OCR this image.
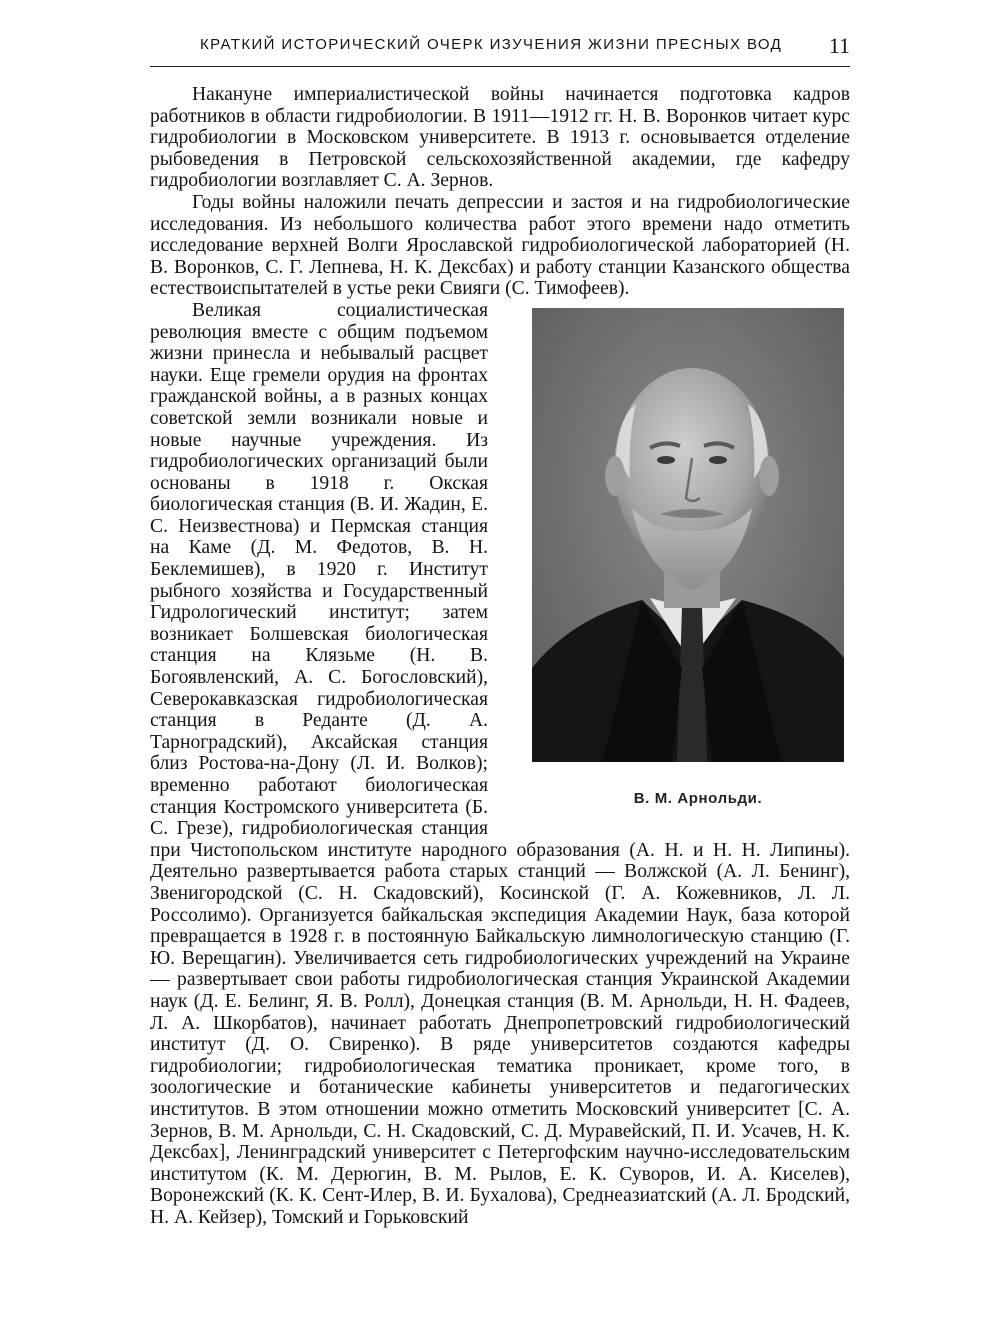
КРАТКИЙ ИСТОРИЧЕСКИЙ ОЧЕРК ИЗУЧЕНИЯ ЖИЗНИ ПРЕСНЫХ ВОД	11

Накануне империалистической войны начинается подготовка кадров работников в области гидробиологии. В 1911—1912 гг. Н. В. Воронков читает курс гидробиологии в Московском университете. В 1913 г. основывается отделение рыбоведения в Петровской сельскохозяйственной академии, где кафедру гидробиологии возглавляет С. А. Зернов.

Годы войны наложили печать депрессии и застоя и на гидробиологические исследования. Из небольшого количества работ этого времени надо отметить исследование верхней Волги Ярославской гидробиологической лабораторией (Н. В. Воронков, С. Г. Лепнева, Н. К. Дексбах) и работу станции Казанского общества естествоиспытателей в устье реки Свияги (С. Тимофеев).

В. М. Арнольди.
Великая социалистическая революция вместе с общим подъемом жизни принесла и небывалый расцвет науки. Еще гремели орудия на фронтах гражданской войны, а в разных концах советской земли возникали новые и новые научные учреждения. Из гидробиологических организаций были основаны в 1918 г. Окская биологическая станция (В. И. Жадин, Е. С. Неизвестнова) и Пермская станция на Каме (Д. М. Федотов, В. Н. Беклемишев), в 1920 г. Институт рыбного хозяйства и Государственный Гидрологический институт; затем возникает Болшевская биологическая станция на Клязьме (Н. В. Богоявленский, А. С. Богословский), Северокавказская гидробиологическая станция в Реданте (Д. А. Тарноградский), Аксайская станция близ Ростова-на-Дону (Л. И. Волков); временно работают биологическая станция Костромского университета (Б. С. Грезе), гидробиологическая станция при Чистопольском институте народного образования (А. Н. и Н. Н. Липины). Деятельно развертывается работа старых станций — Волжской (А. Л. Бенинг), Звенигородской (С. Н. Скадовский), Косинской (Г. А. Кожевников, Л. Л. Россолимо). Организуется байкальская экспедиция Академии Наук, база которой превращается в 1928 г. в постоянную Байкальскую лимнологическую станцию (Г. Ю. Верещагин). Увеличивается сеть гидробиологических учреждений на Украине — развертывает свои работы гидробиологическая станция Украинской Академии наук (Д. Е. Белинг, Я. В. Ролл), Донецкая станция (В. М. Арнольди, Н. Н. Фадеев, Л. А. Шкорбатов), начинает работать Днепропетровский гидробиологический институт (Д. О. Свиренко). В ряде университетов создаются кафедры гидробиологии; гидробиологическая тематика проникает, кроме того, в зоологические и ботанические кабинеты университетов и педагогических институтов. В этом отношении можно отметить Московский университет [С. А. Зернов, В. М. Арнольди, С. Н. Скадовский, С. Д. Муравейский, П. И. Усачев, Н. К. Дексбах], Ленинградский университет с Петергофским научно-исследовательским институтом (К. М. Дерюгин, В. М. Рылов, Е. К. Суворов, И. А. Киселев), Воронежский (К. К. Сент-Илер, В. И. Бухалова), Среднеазиатский (А. Л. Бродский, Н. А. Кейзер), Томский и Горьковский
